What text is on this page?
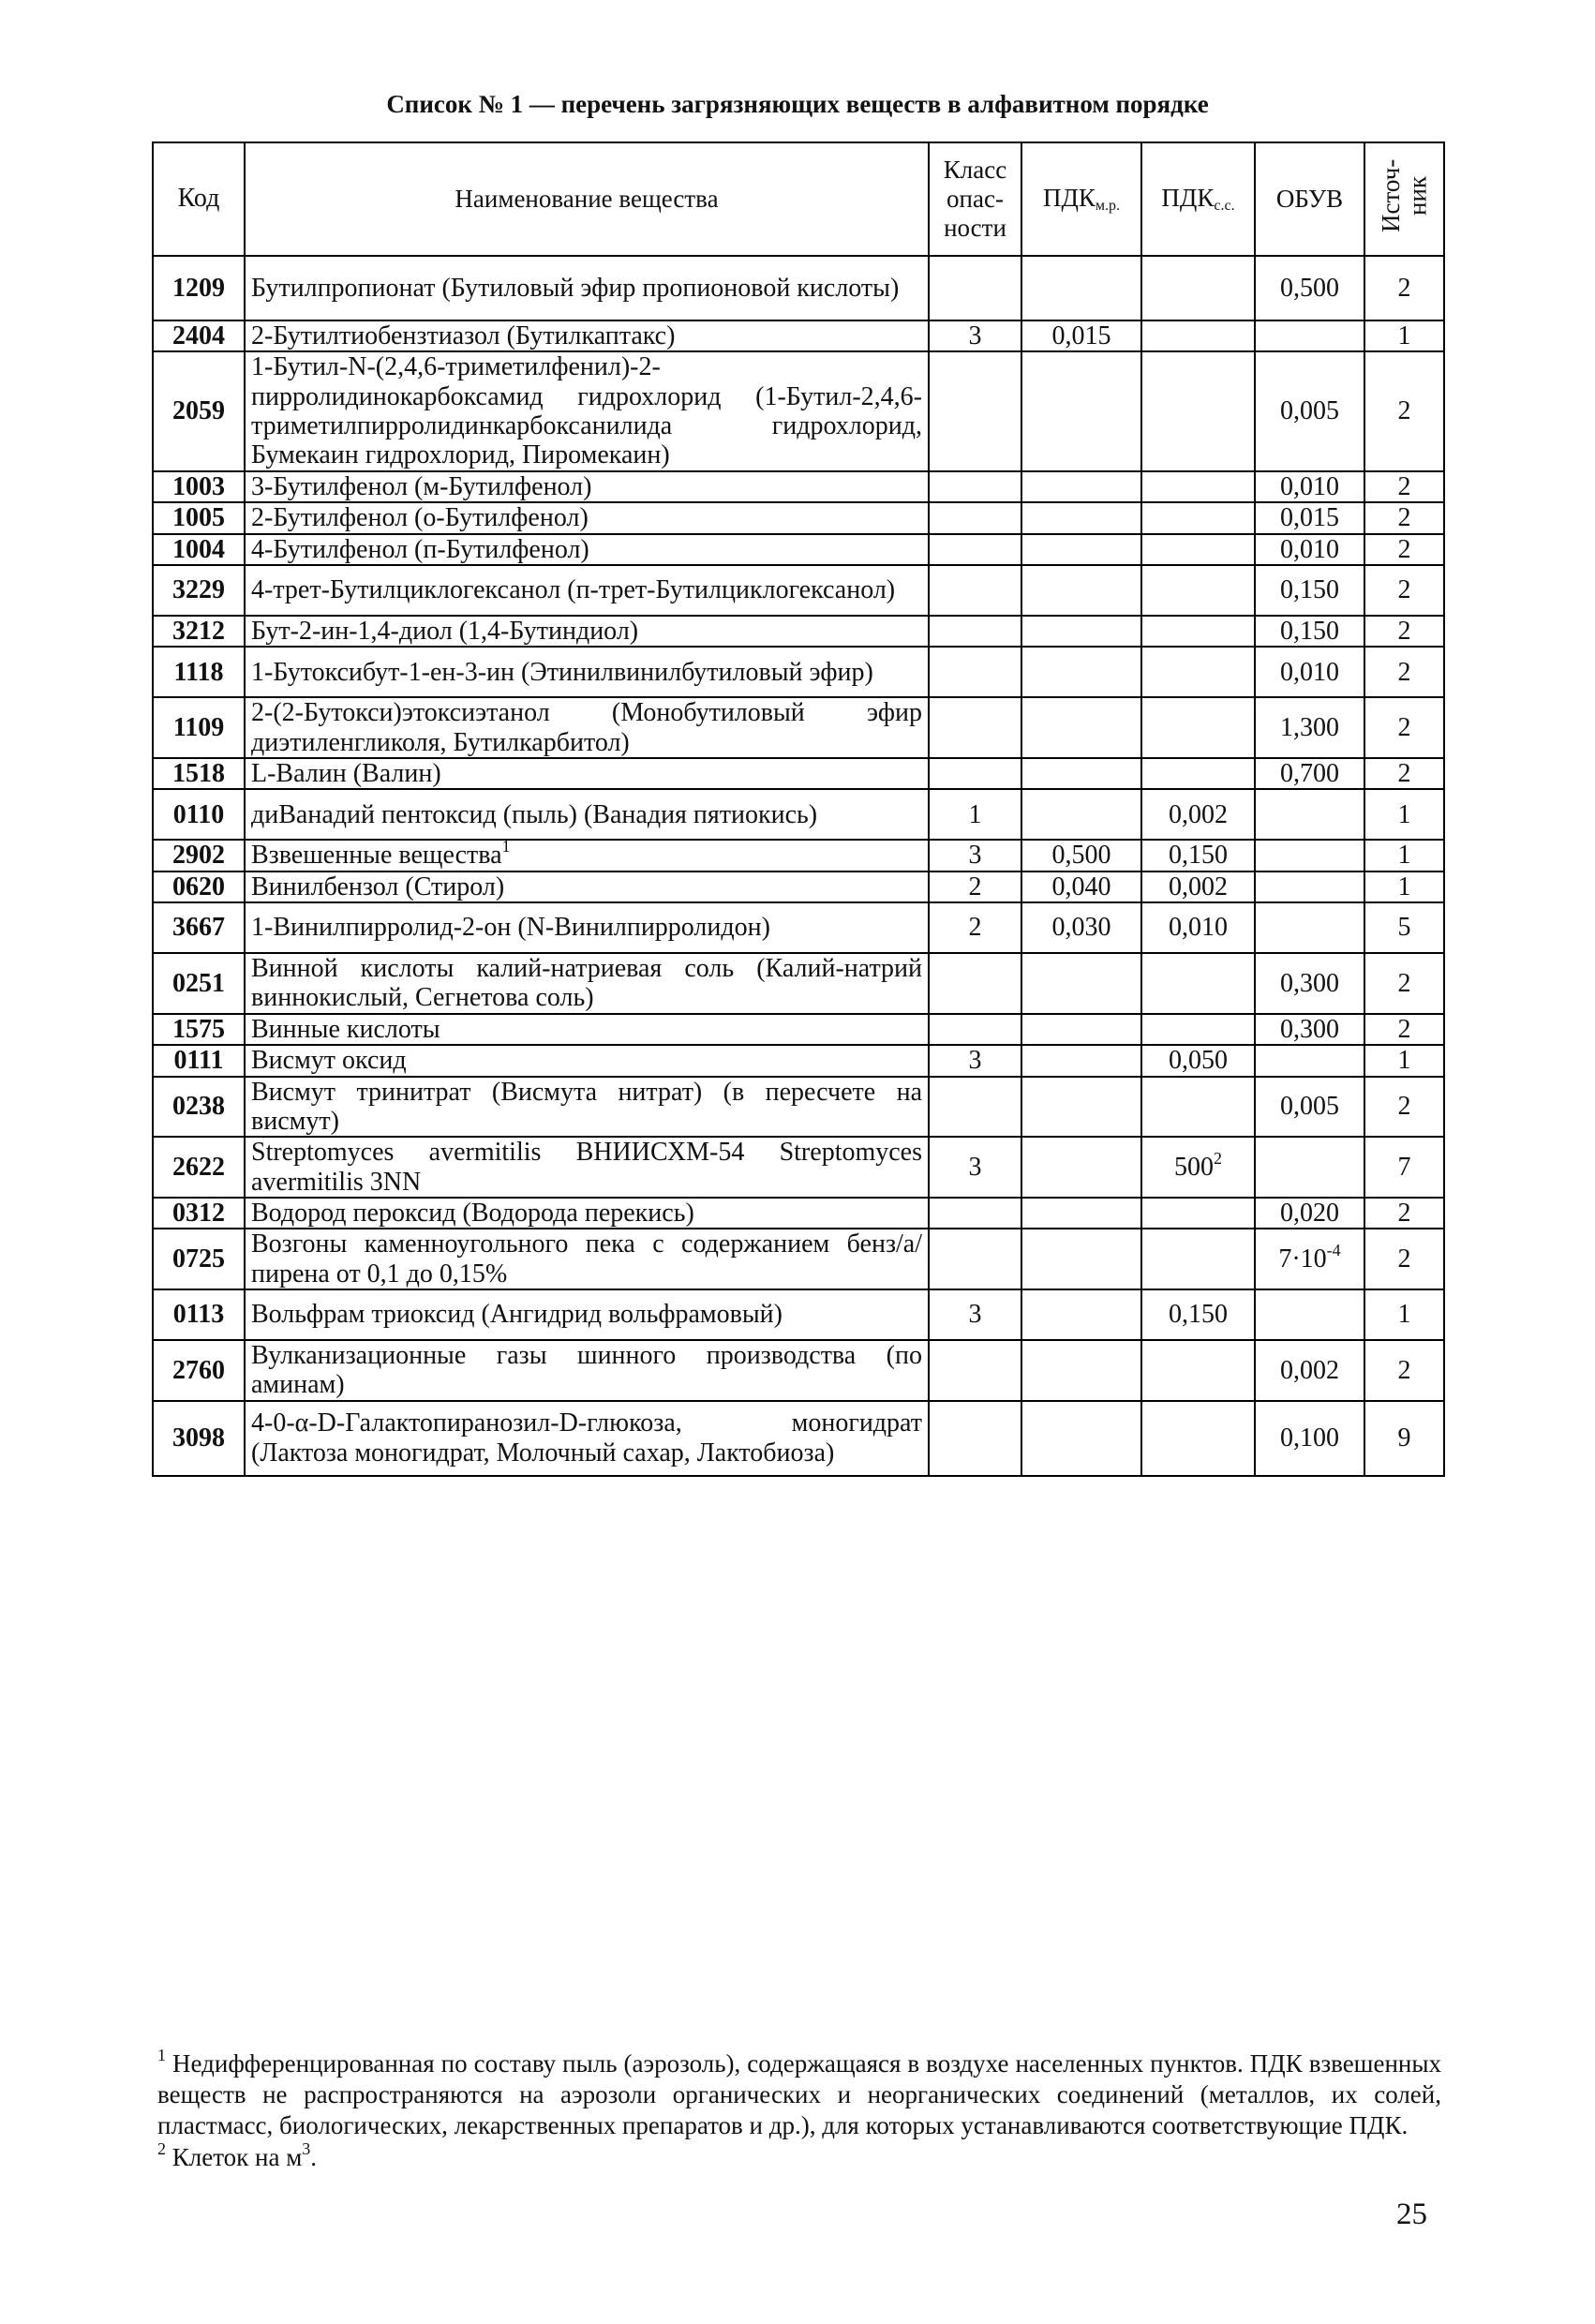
Список № 1 — перечень загрязняющих веществ в алфавитном порядке
Код	Наименование вещества	Класс опас-ности	$ПДК_{м.р.}$	$ПДК_{с.с.}$	ОБУВ	Источ-ник
1209	Бутилпропионат (Бутиловый эфир пропионовой кислоты)				0,500	2
2404	2-Бутилтиобензтиазол (Бутилкаптакс)	3	0,015			1
2059	1-Бутил-N-(2,4,6-триметилфенил)-2-пирролидинокарбоксамид гидрохлорид (1-Бутил-2,4,6-триметилпирролидинкарбоксанилида гидрохлорид, Бумекаин гидрохлорид, Пиромекаин)				0,005	2
1003	3-Бутилфенол (м-Бутилфенол)				0,010	2
1005	2-Бутилфенол (о-Бутилфенол)				0,015	2
1004	4-Бутилфенол (п-Бутилфенол)				0,010	2
3229	4-трет-Бутилциклогексанол (п-трет-Бутилциклогексанол)				0,150	2
3212	Бут-2-ин-1,4-диол (1,4-Бутиндиол)				0,150	2
1118	1-Бутоксибут-1-ен-3-ин (Этинилвинилбутиловый эфир)				0,010	2
1109	2-(2-Бутокси)этоксиэтанол (Монобутиловый эфир диэтиленгликоля, Бутилкарбитол)				1,300	2
1518	L-Валин (Валин)				0,700	2
0110	диВанадий пентоксид (пыль) (Ванадия пятиокись)	1		0,002		1
2902	Взвешенные вещества$^1$	3	0,500	0,150		1
0620	Винилбензол (Стирол)	2	0,040	0,002		1
3667	1-Винилпирролид-2-он (N-Винилпирролидон)	2	0,030	0,010		5
0251	Винной кислоты калий-натриевая соль (Калий-натрий виннокислый, Сегнетова соль)				0,300	2
1575	Винные кислоты				0,300	2
0111	Висмут оксид	3		0,050		1
0238	Висмут тринитрат (Висмута нитрат) (в пересчете на висмут)				0,005	2
2622	Streptomyces avermitilis ВНИИСХМ-54 Streptomyces avermitilis 3NN	3		$500^2$		7
0312	Водород пероксид (Водорода перекись)				0,020	2
0725	Возгоны каменноугольного пека с содержанием бенз/а/пирена от 0,1 до 0,15%				$7\cdot 10^{-4}$	2
0113	Вольфрам триоксид (Ангидрид вольфрамовый)	3		0,150		1
2760	Вулканизационные газы шинного производства (по аминам)				0,002	2
3098	4-0-α-D-Галактопиранозил-D-глюкоза, моногидрат (Лактоза моногидрат, Молочный сахар, Лактобиоза)				0,100	9
$^1$ Недифференцированная по составу пыль (аэрозоль), содержащаяся в воздухе населенных пунктов. ПДК взвешенных веществ не распространяются на аэрозоли органических и неорганических соединений (металлов, их солей, пластмасс, биологических, лекарственных препаратов и др.), для которых устанавливаются соответствующие ПДК.
$^2$ Клеток на $м^3$.
25
